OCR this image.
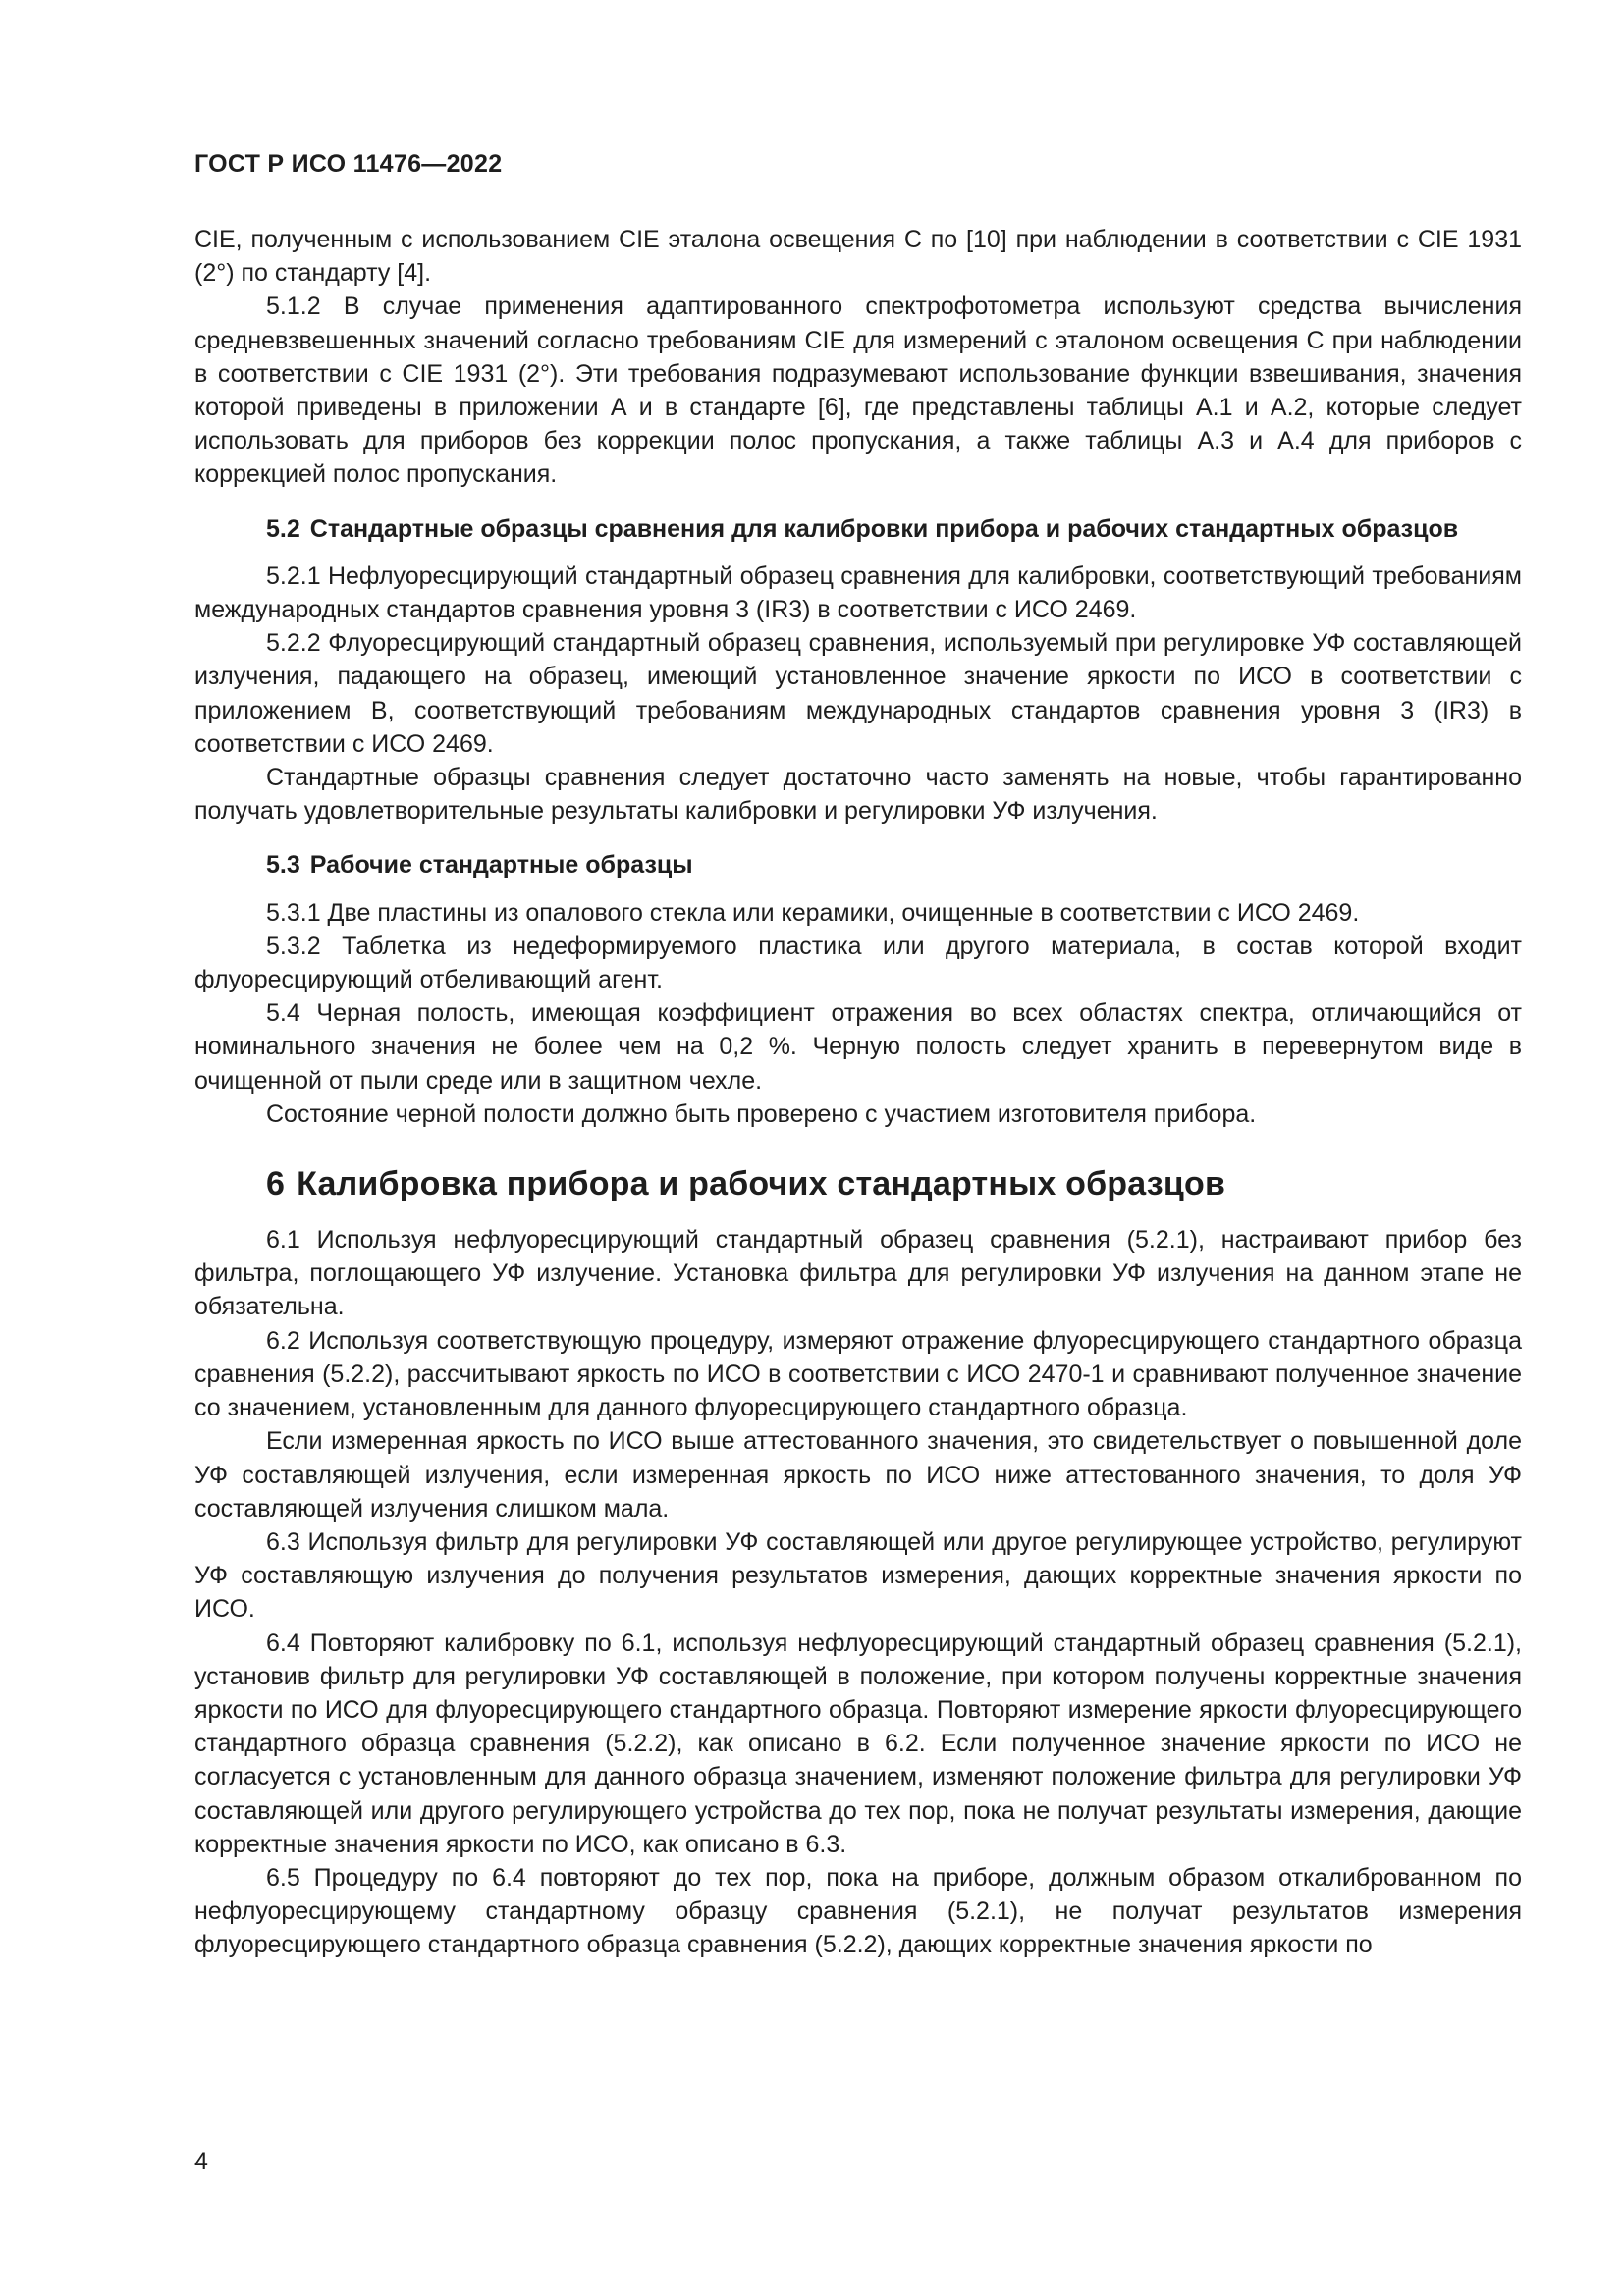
ГОСТ Р ИСО 11476—2022

CIE, полученным с использованием CIE эталона освещения С по [10] при наблюдении в соответствии с CIE 1931 (2°) по стандарту [4].

5.1.2 В случае применения адаптированного спектрофотометра используют средства вычисления средневзвешенных значений согласно требованиям CIE для измерений с эталоном освещения С при наблюдении в соответствии с CIE 1931 (2°). Эти требования подразумевают использование функции взвешивания, значения которой приведены в приложении А и в стандарте [6], где представлены таблицы А.1 и А.2, которые следует использовать для приборов без коррекции полос пропускания, а также таблицы А.3 и А.4 для приборов с коррекцией полос пропускания.

5.2 Стандартные образцы сравнения для калибровки прибора и рабочих стандартных образцов

5.2.1 Нефлуоресцирующий стандартный образец сравнения для калибровки, соответствующий требованиям международных стандартов сравнения уровня 3 (IR3) в соответствии с ИСО 2469.

5.2.2 Флуоресцирующий стандартный образец сравнения, используемый при регулировке УФ составляющей излучения, падающего на образец, имеющий установленное значение яркости по ИСО в соответствии с приложением В, соответствующий требованиям международных стандартов сравнения уровня 3 (IR3) в соответствии с ИСО 2469.

Стандартные образцы сравнения следует достаточно часто заменять на новые, чтобы гарантированно получать удовлетворительные результаты калибровки и регулировки УФ излучения.

5.3 Рабочие стандартные образцы

5.3.1 Две пластины из опалового стекла или керамики, очищенные в соответствии с ИСО 2469.

5.3.2 Таблетка из недеформируемого пластика или другого материала, в состав которой входит флуоресцирующий отбеливающий агент.

5.4 Черная полость, имеющая коэффициент отражения во всех областях спектра, отличающийся от номинального значения не более чем на 0,2 %. Черную полость следует хранить в перевернутом виде в очищенной от пыли среде или в защитном чехле.

Состояние черной полости должно быть проверено с участием изготовителя прибора.

6 Калибровка прибора и рабочих стандартных образцов

6.1 Используя нефлуоресцирующий стандартный образец сравнения (5.2.1), настраивают прибор без фильтра, поглощающего УФ излучение. Установка фильтра для регулировки УФ излучения на данном этапе не обязательна.

6.2 Используя соответствующую процедуру, измеряют отражение флуоресцирующего стандартного образца сравнения (5.2.2), рассчитывают яркость по ИСО в соответствии с ИСО 2470-1 и сравнивают полученное значение со значением, установленным для данного флуоресцирующего стандартного образца.

Если измеренная яркость по ИСО выше аттестованного значения, это свидетельствует о повышенной доле УФ составляющей излучения, если измеренная яркость по ИСО ниже аттестованного значения, то доля УФ составляющей излучения слишком мала.

6.3 Используя фильтр для регулировки УФ составляющей или другое регулирующее устройство, регулируют УФ составляющую излучения до получения результатов измерения, дающих корректные значения яркости по ИСО.

6.4 Повторяют калибровку по 6.1, используя нефлуоресцирующий стандартный образец сравнения (5.2.1), установив фильтр для регулировки УФ составляющей в положение, при котором получены корректные значения яркости по ИСО для флуоресцирующего стандартного образца. Повторяют измерение яркости флуоресцирующего стандартного образца сравнения (5.2.2), как описано в 6.2. Если полученное значение яркости по ИСО не согласуется с установленным для данного образца значением, изменяют положение фильтра для регулировки УФ составляющей или другого регулирующего устройства до тех пор, пока не получат результаты измерения, дающие корректные значения яркости по ИСО, как описано в 6.3.

6.5 Процедуру по 6.4 повторяют до тех пор, пока на приборе, должным образом откалиброванном по нефлуоресцирующему стандартному образцу сравнения (5.2.1), не получат результатов измерения флуоресцирующего стандартного образца сравнения (5.2.2), дающих корректные значения яркости по

4
